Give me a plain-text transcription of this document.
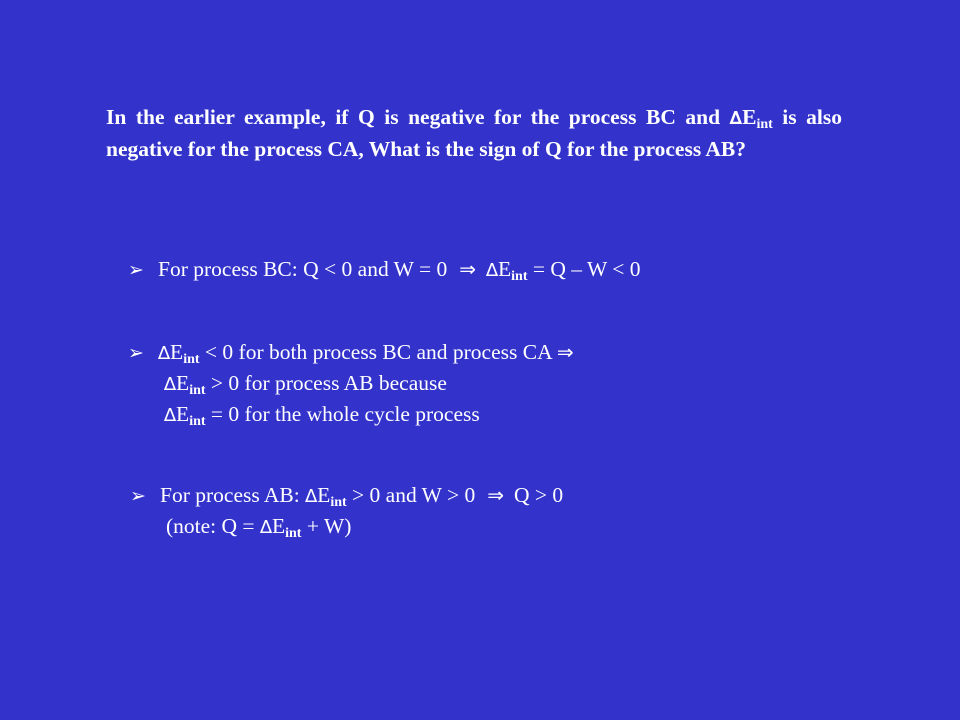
In the earlier example, if Q is negative for the process BC and $\Delta E_{int}$ is also negative for the process CA, What is the sign of Q for the process AB?
➢ For process BC: Q < 0 and W = 0 ⇒ $\Delta E_{int} = Q - W < 0$
➢ $\Delta E_{int} < 0$ for both process BC and process CA ⇒
$\Delta E_{int} > 0$ for process AB because
$\Delta E_{int} = 0$ for the whole cycle process
➢ For process AB: $\Delta E_{int} > 0$ and W > 0 ⇒ Q > 0
(note: $Q = \Delta E_{int} + W$)
